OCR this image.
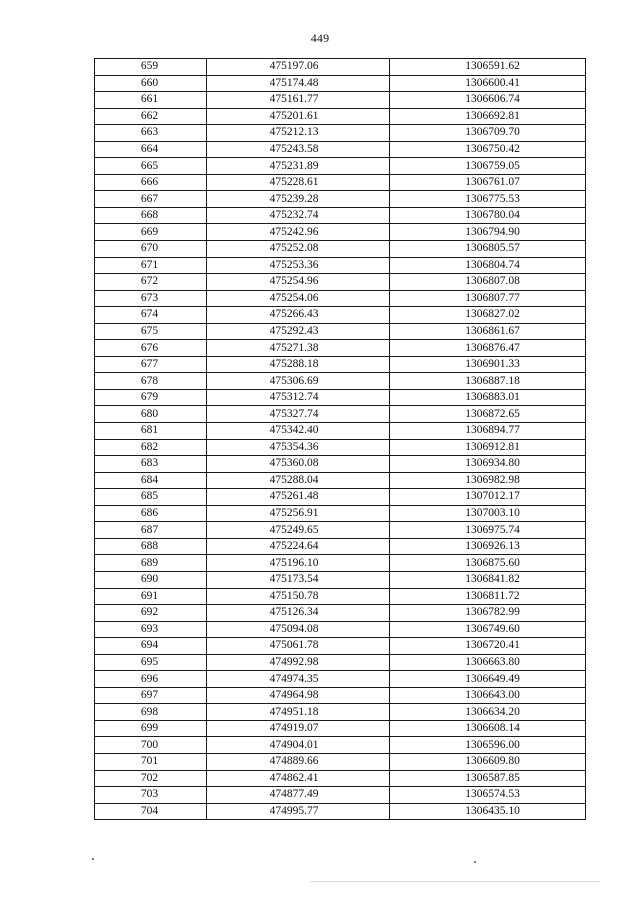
449
659	475197.06	1306591.62
660	475174.48	1306600.41
661	475161.77	1306606.74
662	475201.61	1306692.81
663	475212.13	1306709.70
664	475243.58	1306750.42
665	475231.89	1306759.05
666	475228.61	1306761.07
667	475239.28	1306775.53
668	475232.74	1306780.04
669	475242.96	1306794.90
670	475252.08	1306805.57
671	475253.36	1306804.74
672	475254.96	1306807.08
673	475254.06	1306807.77
674	475266.43	1306827.02
675	475292.43	1306861.67
676	475271.38	1306876.47
677	475288.18	1306901.33
678	475306.69	1306887.18
679	475312.74	1306883.01
680	475327.74	1306872.65
681	475342.40	1306894.77
682	475354.36	1306912.81
683	475360.08	1306934.80
684	475288.04	1306982.98
685	475261.48	1307012.17
686	475256.91	1307003.10
687	475249.65	1306975.74
688	475224.64	1306926.13
689	475196.10	1306875.60
690	475173.54	1306841.82
691	475150.78	1306811.72
692	475126.34	1306782.99
693	475094.08	1306749.60
694	475061.78	1306720.41
695	474992.98	1306663.80
696	474974.35	1306649.49
697	474964.98	1306643.00
698	474951.18	1306634.20
699	474919.07	1306608.14
700	474904.01	1306596.00
701	474889.66	1306609.80
702	474862.41	1306587.85
703	474877.49	1306574.53
704	474995.77	1306435.10
